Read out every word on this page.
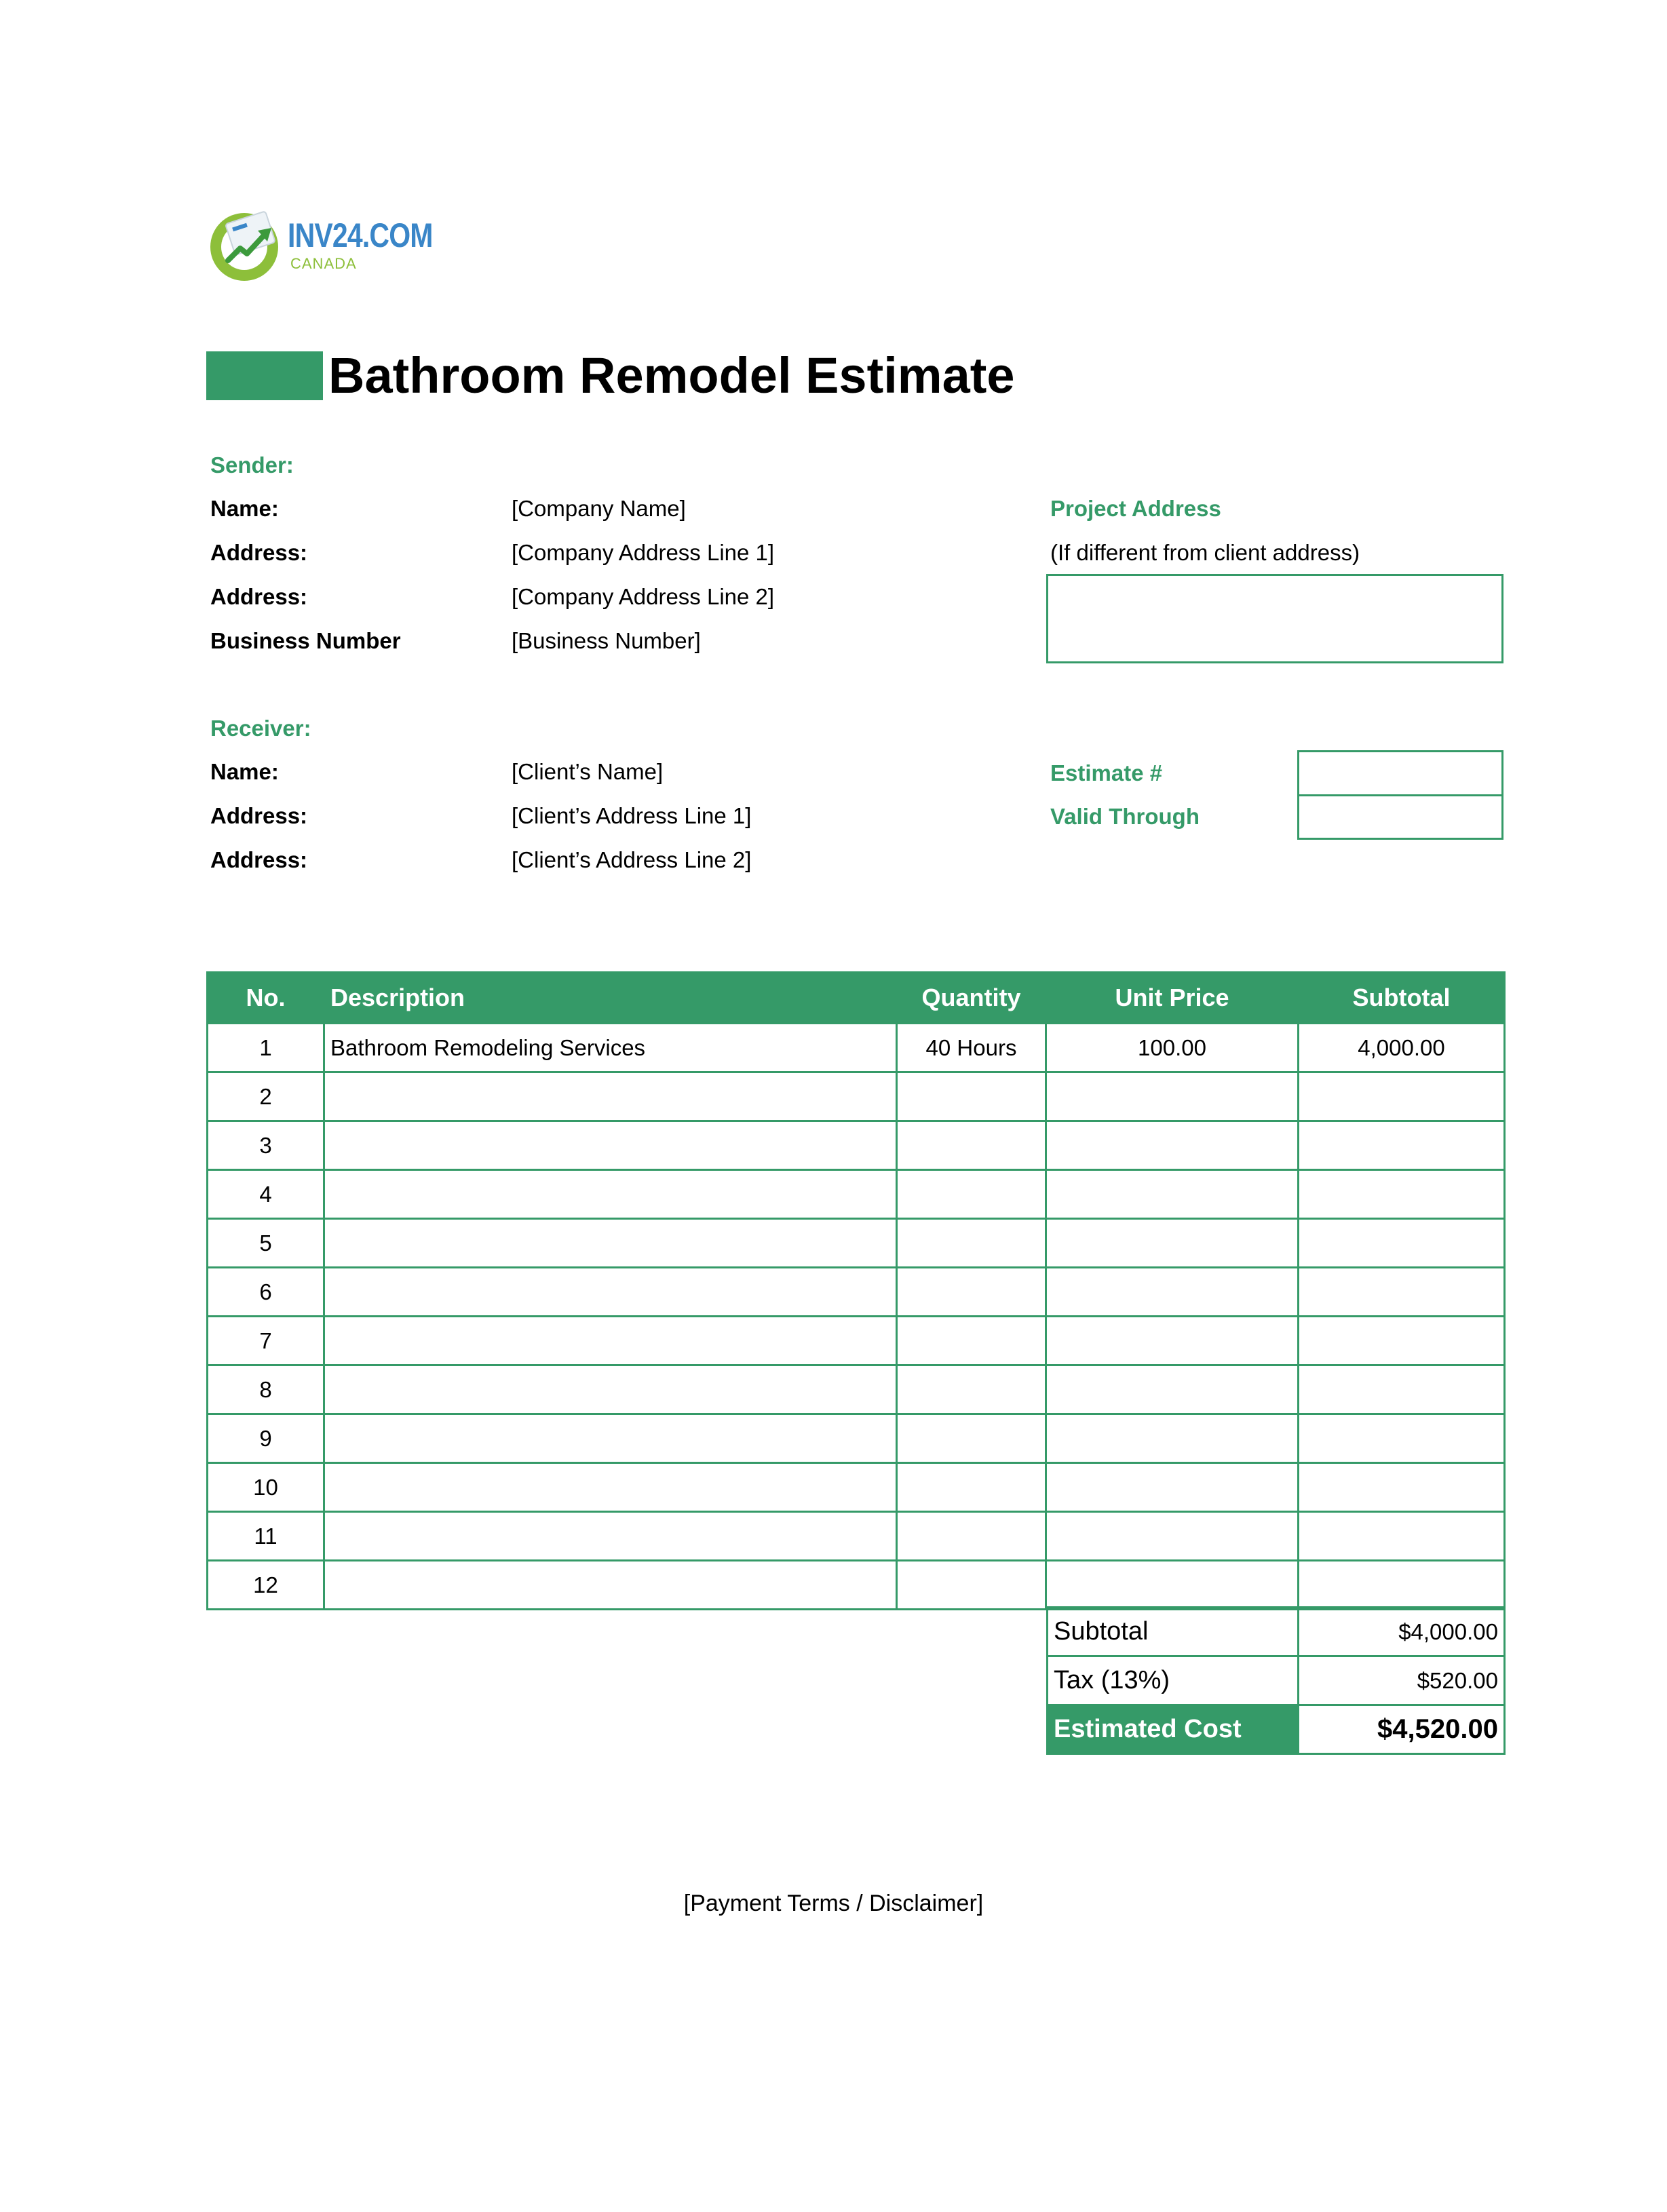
INV24.COM
CANADA
Bathroom Remodel Estimate
Sender:
Name:	[Company Name]
Address:	[Company Address Line 1]
Address:	[Company Address Line 2]
Business Number	[Business Number]
Project Address
(If different from client address)
Receiver:
Name:	[Client’s Name]
Address:	[Client’s Address Line 1]
Address:	[Client’s Address Line 2]
Estimate #
Valid Through
No.	Description	Quantity	Unit Price	Subtotal
1	Bathroom Remodeling Services	40 Hours	100.00	4,000.00
2				
3				
4				
5				
6				
7				
8				
9				
10				
11				
12				
Subtotal	$4,000.00
Tax (13%)	$520.00
Estimated Cost	$4,520.00
[Payment Terms / Disclaimer]
